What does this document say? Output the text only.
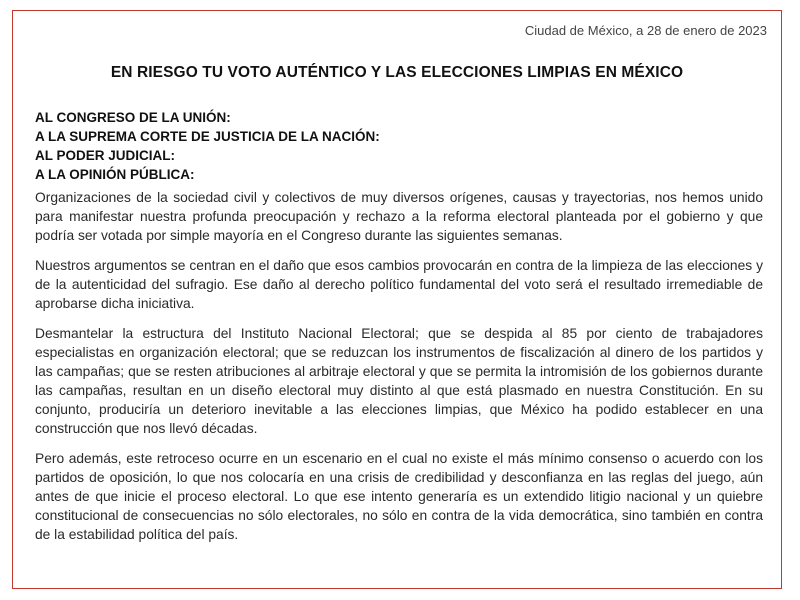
Ciudad de México, a 28 de enero de 2023
EN RIESGO TU VOTO AUTÉNTICO Y LAS ELECCIONES LIMPIAS EN MÉXICO
AL CONGRESO DE LA UNIÓN:
A LA SUPREMA CORTE DE JUSTICIA DE LA NACIÓN:
AL PODER JUDICIAL:
A LA OPINIÓN PÚBLICA:

Organizaciones de la sociedad civil y colectivos de muy diversos orígenes, causas y trayectorias, nos hemos unido para manifestar nuestra profunda preocupación y rechazo a la reforma electoral planteada por el gobierno y que podría ser votada por simple mayoría en el Congreso durante las siguientes semanas.

Nuestros argumentos se centran en el daño que esos cambios provocarán en contra de la limpieza de las elecciones y de la autenticidad del sufragio. Ese daño al derecho político fundamental del voto será el resultado irremediable de aprobarse dicha iniciativa.

Desmantelar la estructura del Instituto Nacional Electoral; que se despida al 85 por ciento de trabajadores especialistas en organización electoral; que se reduzcan los instrumentos de fiscalización al dinero de los partidos y las campañas; que se resten atribuciones al arbitraje electoral y que se permita la intromisión de los gobiernos durante las campañas, resultan en un diseño electoral muy distinto al que está plasmado en nuestra Constitución. En su conjunto, produciría un deterioro inevitable a las elecciones limpias, que México ha podido establecer en una construcción que nos llevó décadas.

Pero además, este retroceso ocurre en un escenario en el cual no existe el más mínimo consenso o acuerdo con los partidos de oposición, lo que nos colocaría en una crisis de credibilidad y desconfianza en las reglas del juego, aún antes de que inicie el proceso electoral. Lo que ese intento generaría es un extendido litigio nacional y un quiebre constitucional de consecuencias no sólo electorales, no sólo en contra de la vida democrática, sino también en contra de la estabilidad política del país.
